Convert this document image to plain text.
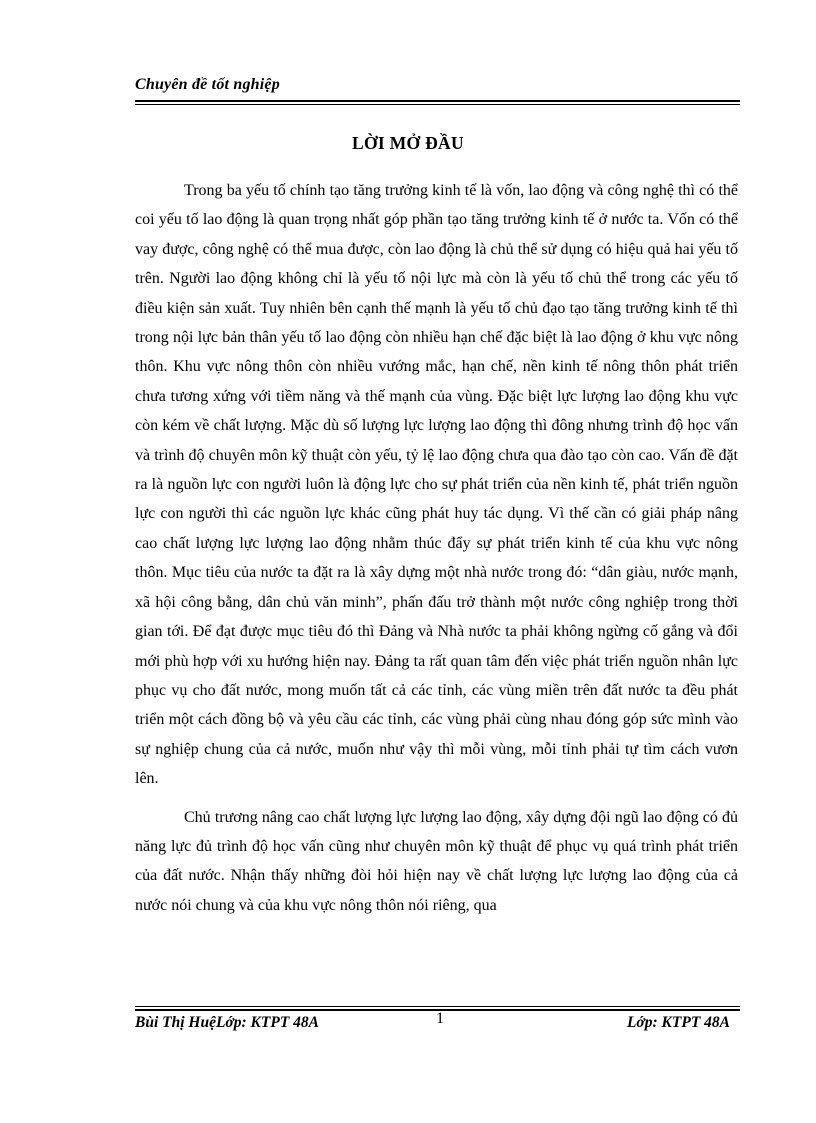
Chuyên đề tốt nghiệp
LỜI MỞ ĐẦU

Trong ba yếu tố chính tạo tăng trưởng kinh tế là vốn, lao động và công nghệ thì có thể coi yếu tố lao động là quan trọng nhất góp phần tạo tăng trưởng kinh tế ở nước ta. Vốn có thể vay được, công nghệ có thể mua được, còn lao động là chủ thể sử dụng có hiệu quả hai yếu tố trên. Người lao động không chỉ là yếu tố nội lực mà còn là yếu tố chủ thể trong các yếu tố điều kiện sản xuất. Tuy nhiên bên cạnh thế mạnh là yếu tố chủ đạo tạo tăng trưởng kinh tế thì trong nội lực bản thân yếu tố lao động còn nhiều hạn chế đặc biệt là lao động ở khu vực nông thôn. Khu vực nông thôn còn nhiều vướng mắc, hạn chế, nền kinh tế nông thôn phát triển chưa tương xứng với tiềm năng và thế mạnh của vùng. Đặc biệt lực lượng lao động khu vực còn kém về chất lượng. Mặc dù số lượng lực lượng lao động thì đông nhưng trình độ học vấn và trình độ chuyên môn kỹ thuật còn yếu, tỷ lệ lao động chưa qua đào tạo còn cao. Vấn đề đặt ra là nguồn lực con người luôn là động lực cho sự phát triển của nền kinh tế, phát triển nguồn lực con người thì các nguồn lực khác cũng phát huy tác dụng. Vì thế cần có giải pháp nâng cao chất lượng lực lượng lao động nhằm thúc đẩy sự phát triển kinh tế của khu vực nông thôn. Mục tiêu của nước ta đặt ra là xây dựng một nhà nước trong đó: “dân giàu, nước mạnh, xã hội công bằng, dân chủ văn minh”, phấn đấu trở thành một nước công nghiệp trong thời gian tới. Để đạt được mục tiêu đó thì Đảng và Nhà nước ta phải không ngừng cố gắng và đổi mới phù hợp với xu hướng hiện nay. Đảng ta rất quan tâm đến việc phát triển nguồn nhân lực phục vụ cho đất nước, mong muốn tất cả các tỉnh, các vùng miền trên đất nước ta đều phát triển một cách đồng bộ và yêu cầu các tỉnh, các vùng phải cùng nhau đóng góp sức mình vào sự nghiệp chung của cả nước, muốn như vậy thì mỗi vùng, mỗi tỉnh phải tự tìm cách vươn lên.

Chủ trương nâng cao chất lượng lực lượng lao động, xây dựng đội ngũ lao động có đủ năng lực đủ trình độ học vấn cũng như chuyên môn kỹ thuật để phục vụ quá trình phát triển của đất nước. Nhận thấy những đòi hỏi hiện nay về chất lượng lực lượng lao động của cả nước nói chung và của khu vực nông thôn nói riêng, qua

Bùi Thị HuệLớp: KTPT 48A	1	Lớp: KTPT 48A
